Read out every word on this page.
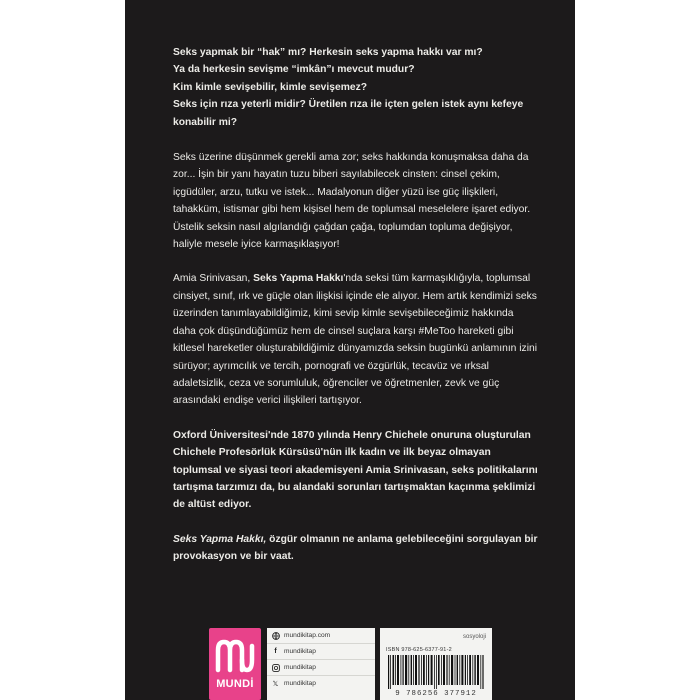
Seks yapmak bir “hak” mı? Herkesin seks yapma hakkı var mı?

Ya da herkesin sevişme “imkân”ı mevcut mudur?

Kim kimle sevişebilir, kimle sevişemez?

Seks için rıza yeterli midir? Üretilen rıza ile içten gelen istek aynı kefeye konabilir mi?

Seks üzerine düşünmek gerekli ama zor; seks hakkında konuşmaksa daha da zor... İşin bir yanı hayatın tuzu biberi sayılabilecek cinsten: cinsel çekim, içgüdüler, arzu, tutku ve istek... Madalyonun diğer yüzü ise güç ilişkileri, tahakküm, istismar gibi hem kişisel hem de toplumsal meselelere işaret ediyor. Üstelik seksin nasıl algılandığı çağdan çağa, toplumdan topluma değişiyor, haliyle mesele iyice karmaşıklaşıyor!

Amia Srinivasan, Seks Yapma Hakkı'nda seksi tüm karmaşıklığıyla, toplumsal cinsiyet, sınıf, ırk ve güçle olan ilişkisi içinde ele alıyor. Hem artık kendimizi seks üzerinden tanımlayabildiğimiz, kimi sevip kimle sevişebileceğimiz hakkında daha çok düşündüğümüz hem de cinsel suçlara karşı #MeToo hareketi gibi kitlesel hareketler oluşturabildiğimiz dünyamızda seksin bugünkü anlamının izini sürüyor; ayrımcılık ve tercih, pornografi ve özgürlük, tecavüz ve ırksal adaletsizlik, ceza ve sorumluluk, öğrenciler ve öğretmenler, zevk ve güç arasındaki endişe verici ilişkileri tartışıyor.

Oxford Üniversitesi'nde 1870 yılında Henry Chichele onuruna oluşturulan Chichele Profesörlük Kürsüsü'nün ilk kadın ve ilk beyaz olmayan toplumsal ve siyasi teori akademisyeni Amia Srinivasan, seks politikalarını tartışma tarzımızı da, bu alandaki sorunları tartışmaktan kaçınma şeklimizi de altüst ediyor.

Seks Yapma Hakkı, özgür olmanın ne anlama gelebileceğini sorgulayan bir provokasyon ve bir vaat.

MUNDİ
mundikitap.com
f	mundikitap
mundikitap
𝕏 mundikitap
sosyoloji
ISBN 978-625-6377-91-2
9 786256 377912
